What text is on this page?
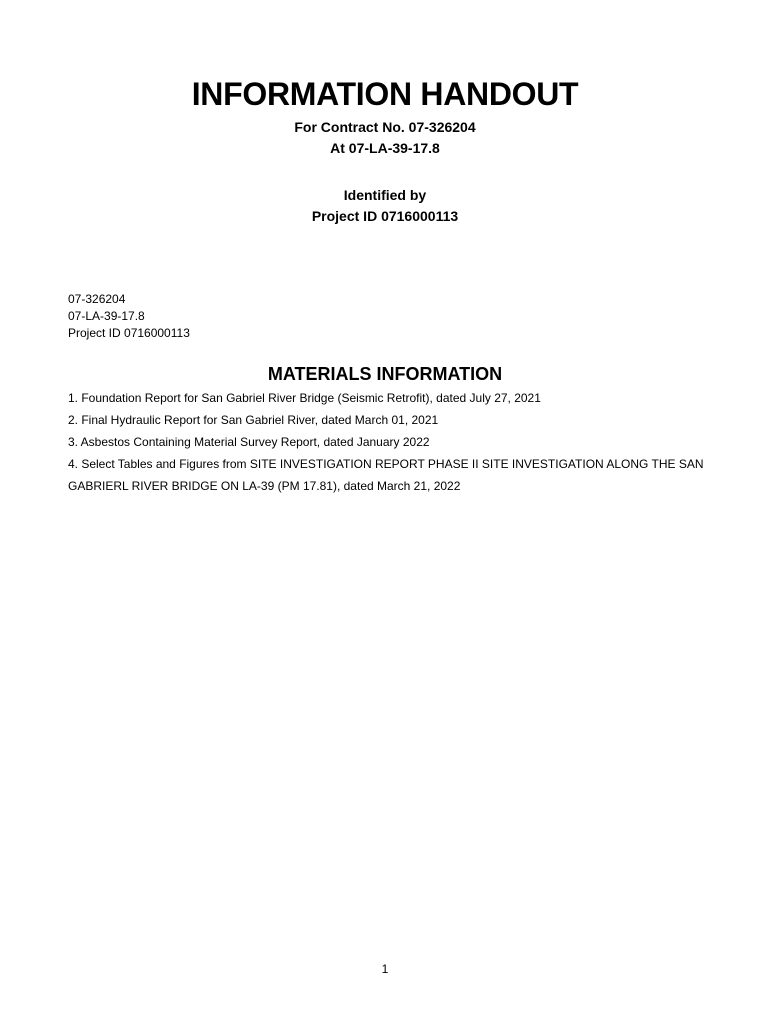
INFORMATION HANDOUT
For Contract No. 07-326204
At 07-LA-39-17.8
Identified by
Project ID 0716000113
07-326204
07-LA-39-17.8
Project ID 0716000113
MATERIALS INFORMATION
1. Foundation Report for San Gabriel River Bridge (Seismic Retrofit), dated July 27, 2021
2. Final Hydraulic Report for San Gabriel River, dated March 01, 2021
3. Asbestos Containing Material Survey Report, dated January 2022
4. Select Tables and Figures from SITE INVESTIGATION REPORT PHASE II SITE INVESTIGATION ALONG THE SAN GABRIERL RIVER BRIDGE ON LA-39 (PM 17.81), dated March 21, 2022
1
